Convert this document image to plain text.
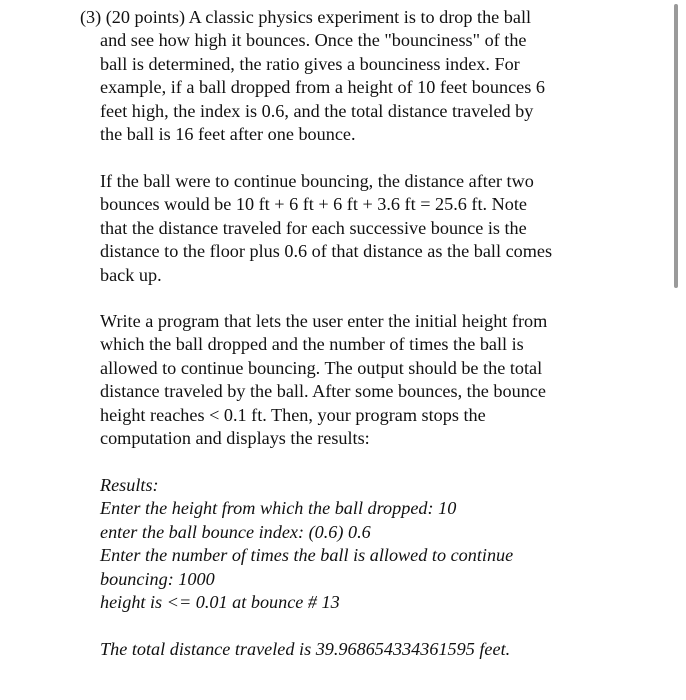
(3) (20 points) A classic physics experiment is to drop the ball
and see how high it bounces. Once the "bounciness" of the
ball is determined, the ratio gives a bounciness index. For
example, if a ball dropped from a height of 10 feet bounces 6
feet high, the index is 0.6, and the total distance traveled by
the ball is 16 feet after one bounce.
If the ball were to continue bouncing, the distance after two
bounces would be 10 ft + 6 ft + 6 ft + 3.6 ft = 25.6 ft. Note
that the distance traveled for each successive bounce is the
distance to the floor plus 0.6 of that distance as the ball comes
back up.
Write a program that lets the user enter the initial height from
which the ball dropped and the number of times the ball is
allowed to continue bouncing. The output should be the total
distance traveled by the ball. After some bounces, the bounce
height reaches < 0.1 ft. Then, your program stops the
computation and displays the results:
Results:
Enter the height from which the ball dropped: 10
enter the ball bounce index: (0.6) 0.6
Enter the number of times the ball is allowed to continue
bouncing: 1000
height is <= 0.01 at bounce # 13
The total distance traveled is 39.968654334361595 feet.
